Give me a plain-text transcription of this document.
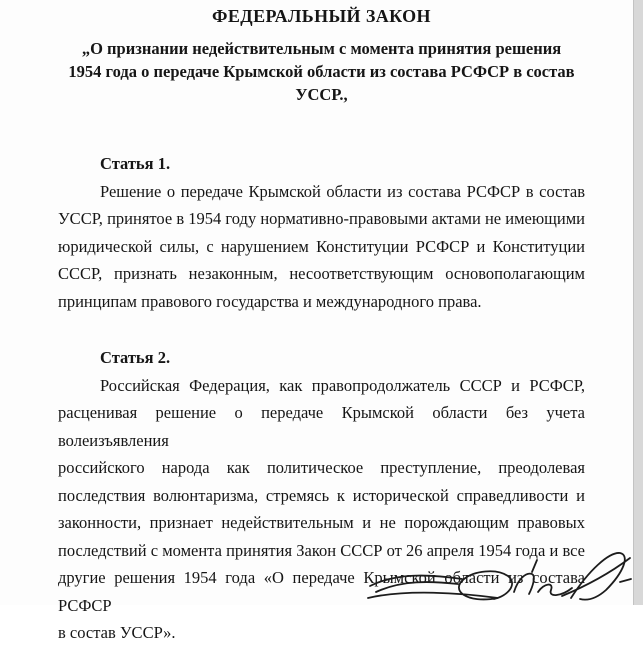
ФЕДЕРАЛЬНЫЙ ЗАКОН
„О признании недействительным с момента принятия решения
1954 года о передаче Крымской области из состава РСФСР в состав
УССР.,
Статья 1.
Решение о передаче Крымской области из состава РСФСР в состав
УССР, принятое в 1954 году нормативно-правовыми актами не имеющими
юридической силы, с нарушением Конституции РСФСР и Конституции
СССР, признать незаконным, несоответствующим основополагающим
принципам правового государства и международного права.
Статья 2.
Российская Федерация, как правопродолжатель СССР и РСФСР,
расценивая решение о передаче Крымской области без учета волеизъявления
российского народа как политическое преступление, преодолевая
последствия волюнтаризма, стремясь к исторической справедливости и
законности, признает недействительным и не порождающим правовых
последствий с момента принятия Закон СССР от 26 апреля 1954 года и все
другие решения 1954 года «О передаче Крымской области из состава РСФСР
в состав УССР».
